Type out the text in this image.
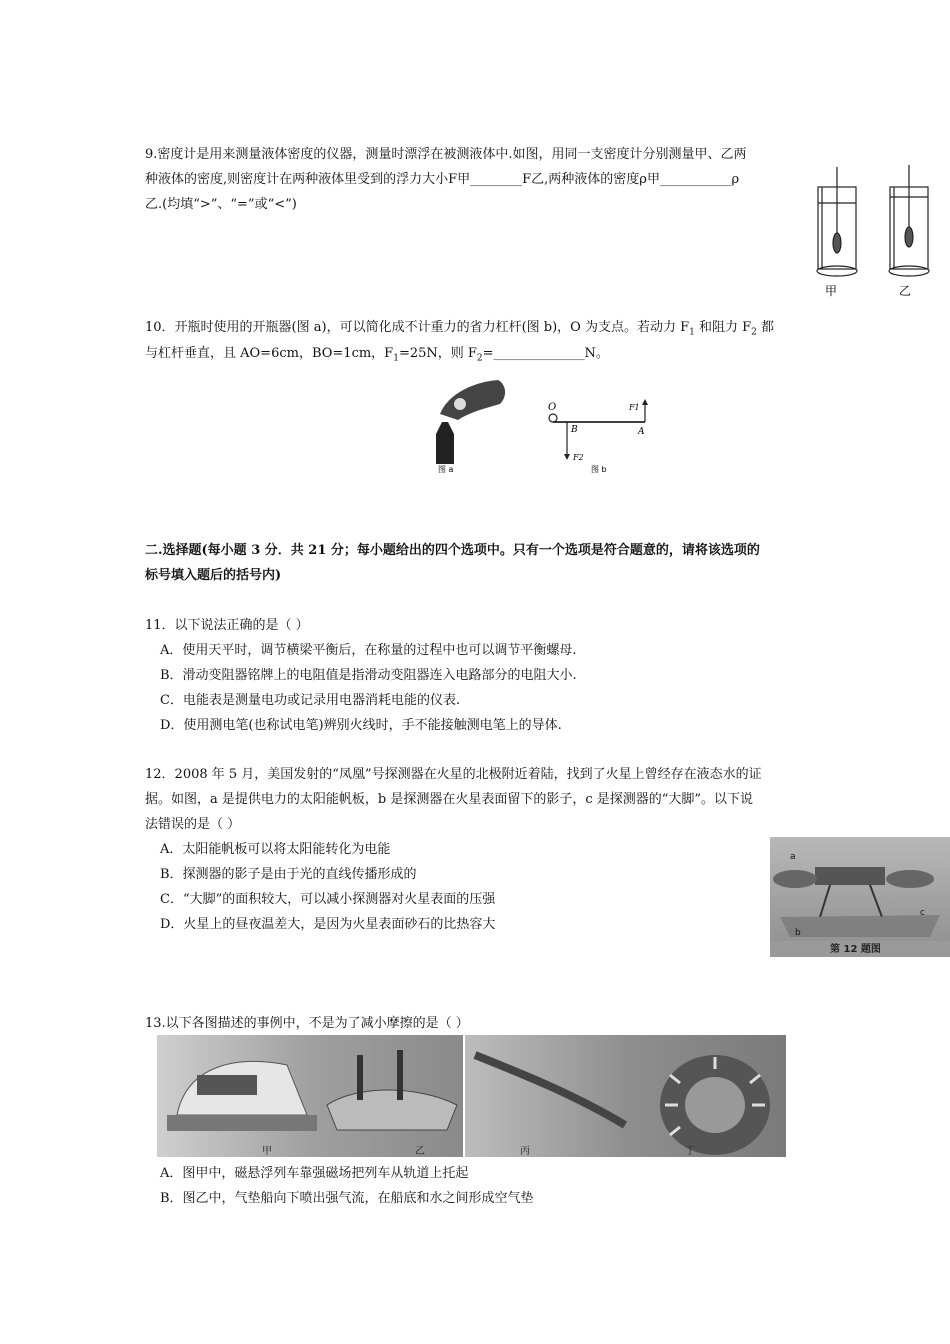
9.密度计是用来测量液体密度的仪器，测量时漂浮在被测液体中.如图，用同一支密度计分别测量甲、乙两
种液体的密度,则密度计在两种液体里受到的浮力大小F甲________F乙,两种液体的密度ρ甲___________ρ
乙.(均填“>”、“=”或“<”)
甲	乙
10．开瓶时使用的开瓶器(图 a)，可以简化成不计重力的省力杠杆(图 b)，O 为支点。若动力 $F_1$ 和阻力 $F_2$ 都
与杠杆垂直，且 AO=6cm，BO=1cm，$F_1=25N$，则 $F_2=\_\_\_\_\_\_\_\_\_\_\_\_\_\_N$。
图 a
O
B	A
F1
F2
图 b
二.选择题(每小题 3 分．共 21 分；每小题给出的四个选项中。只有一个选项是符合题意的，请将该选项的
标号填入题后的括号内)
11．以下说法正确的是（ ）
A．使用天平时，调节横梁平衡后，在称量的过程中也可以调节平衡螺母.
B．滑动变阻器铭牌上的电阻值是指滑动变阻器连入电路部分的电阻大小.
C．电能表是测量电功或记录用电器消耗电能的仪表.
D．使用测电笔(也称试电笔)辨别火线时，手不能接触测电笔上的导体.
12．2008 年 5 月，美国发射的“凤凰”号探测器在火星的北极附近着陆，找到了火星上曾经存在液态水的证
据。如图，a 是提供电力的太阳能帆板，b 是探测器在火星表面留下的影子，c 是探测器的“大脚”。以下说
法错误的是（ ）
A．太阳能帆板可以将太阳能转化为电能
B．探测器的影子是由于光的直线传播形成的
C．“大脚”的面积较大，可以减小探测器对火星表面的压强
D．火星上的昼夜温差大，是因为火星表面砂石的比热容大
a
b
c
第 12 题图
13.以下各图描述的事例中，不是为了减小摩擦的是（ ）
甲	乙	丙	丁
A．图甲中，磁悬浮列车靠强磁场把列车从轨道上托起
B．图乙中，气垫船向下喷出强气流，在船底和水之间形成空气垫
